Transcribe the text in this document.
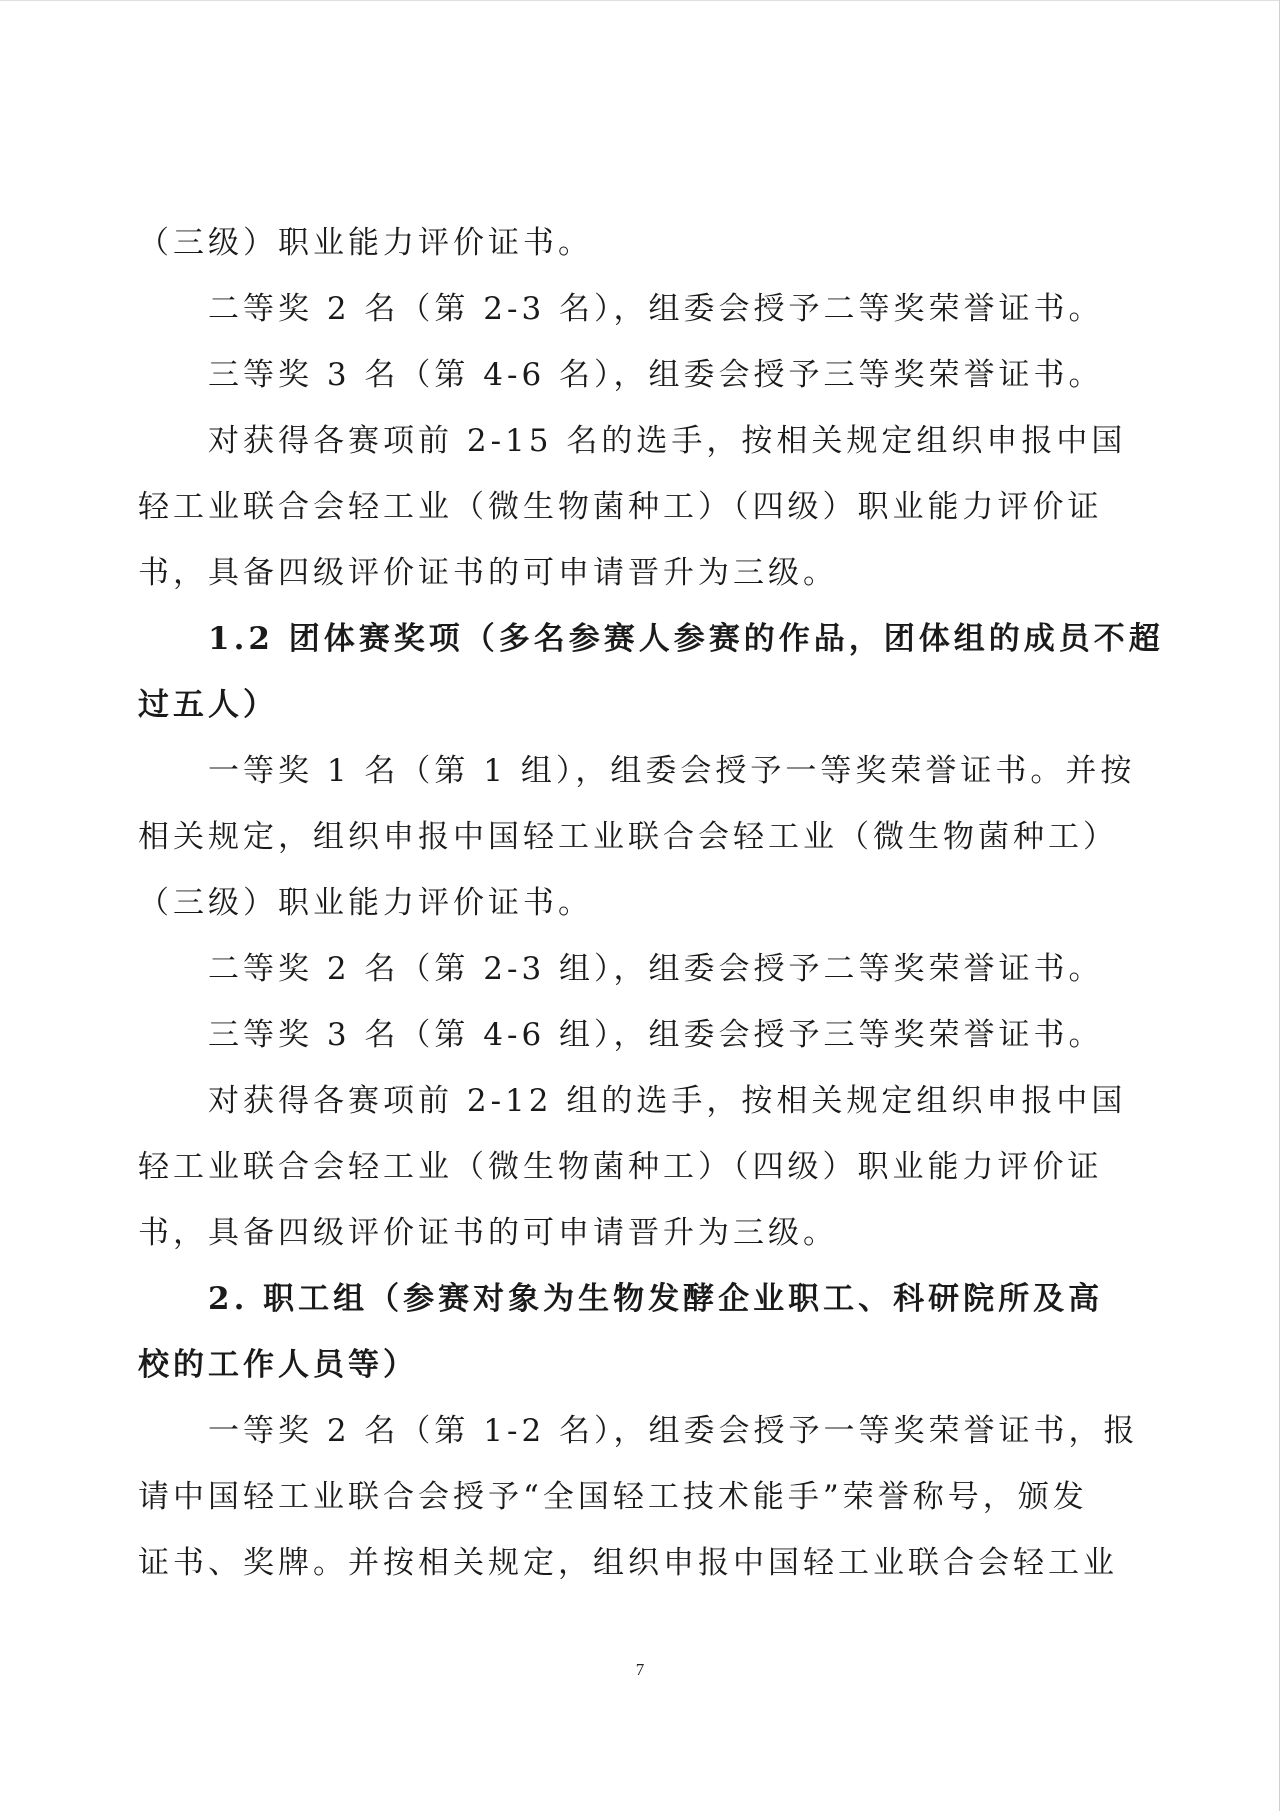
（三级）职业能力评价证书。
二等奖 2 名（第 2-3 名），组委会授予二等奖荣誉证书。
三等奖 3 名（第 4-6 名），组委会授予三等奖荣誉证书。
对获得各赛项前 2-15 名的选手，按相关规定组织申报中国
轻工业联合会轻工业（微生物菌种工）（四级）职业能力评价证
书，具备四级评价证书的可申请晋升为三级。
1.2 团体赛奖项（多名参赛人参赛的作品，团体组的成员不超
过五人）
一等奖 1 名（第 1 组），组委会授予一等奖荣誉证书。并按
相关规定，组织申报中国轻工业联合会轻工业（微生物菌种工）
（三级）职业能力评价证书。
二等奖 2 名（第 2-3 组），组委会授予二等奖荣誉证书。
三等奖 3 名（第 4-6 组），组委会授予三等奖荣誉证书。
对获得各赛项前 2-12 组的选手，按相关规定组织申报中国
轻工业联合会轻工业（微生物菌种工）（四级）职业能力评价证
书，具备四级评价证书的可申请晋升为三级。
2. 职工组（参赛对象为生物发酵企业职工、科研院所及高
校的工作人员等）
一等奖 2 名（第 1-2 名），组委会授予一等奖荣誉证书，报
请中国轻工业联合会授予“全国轻工技术能手”荣誉称号，颁发
证书、奖牌。并按相关规定，组织申报中国轻工业联合会轻工业
7
